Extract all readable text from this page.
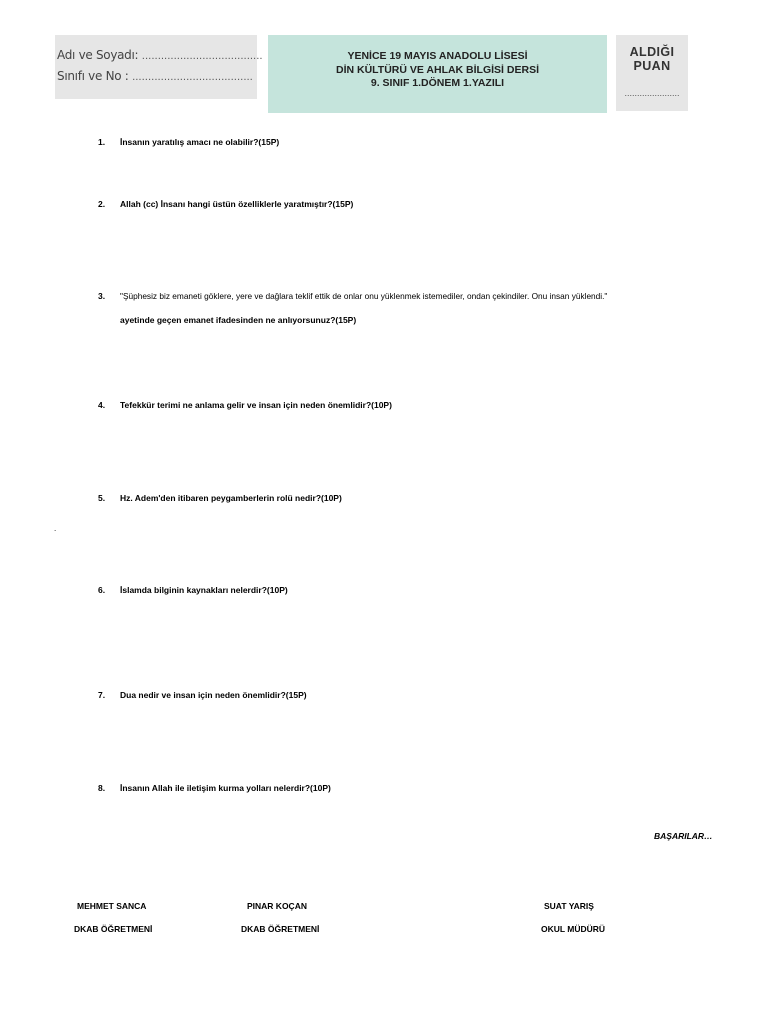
Adı ve Soyadı: ......................................
Sınıfı ve No : ......................................
YENİCE 19 MAYIS ANADOLU LİSESİ
DİN KÜLTÜRÜ VE AHLAK BİLGİSİ DERSİ
9. SINIF 1.DÖNEM 1.YAZILI
ALDIĞI
PUAN
......................
1. İnsanın yaratılış amacı ne olabilir?(15P)
2. Allah (cc) İnsanı hangi üstün özelliklerle yaratmıştır?(15P)
3.	"Şüphesiz biz emaneti göklere, yere ve dağlara teklif ettik de onlar onu yüklenmek istemediler, ondan çekindiler. Onu insan yüklendi."
ayetinde geçen emanet ifadesinden ne anlıyorsunuz?(15P)
4. Tefekkür terimi ne anlama gelir ve insan için neden önemlidir?(10P)
5. Hz. Adem'den itibaren peygamberlerin rolü nedir?(10P)
.
6. İslamda bilginin kaynakları nelerdir?(10P)
7. Dua nedir ve insan için neden önemlidir?(15P)
8. İnsanın Allah ile iletişim kurma yolları nelerdir?(10P)
BAŞARILAR…
MEHMET SANCA
DKAB ÖĞRETMENİ
PINAR KOÇAN
DKAB ÖĞRETMENİ
SUAT YARIŞ
OKUL MÜDÜRÜ
